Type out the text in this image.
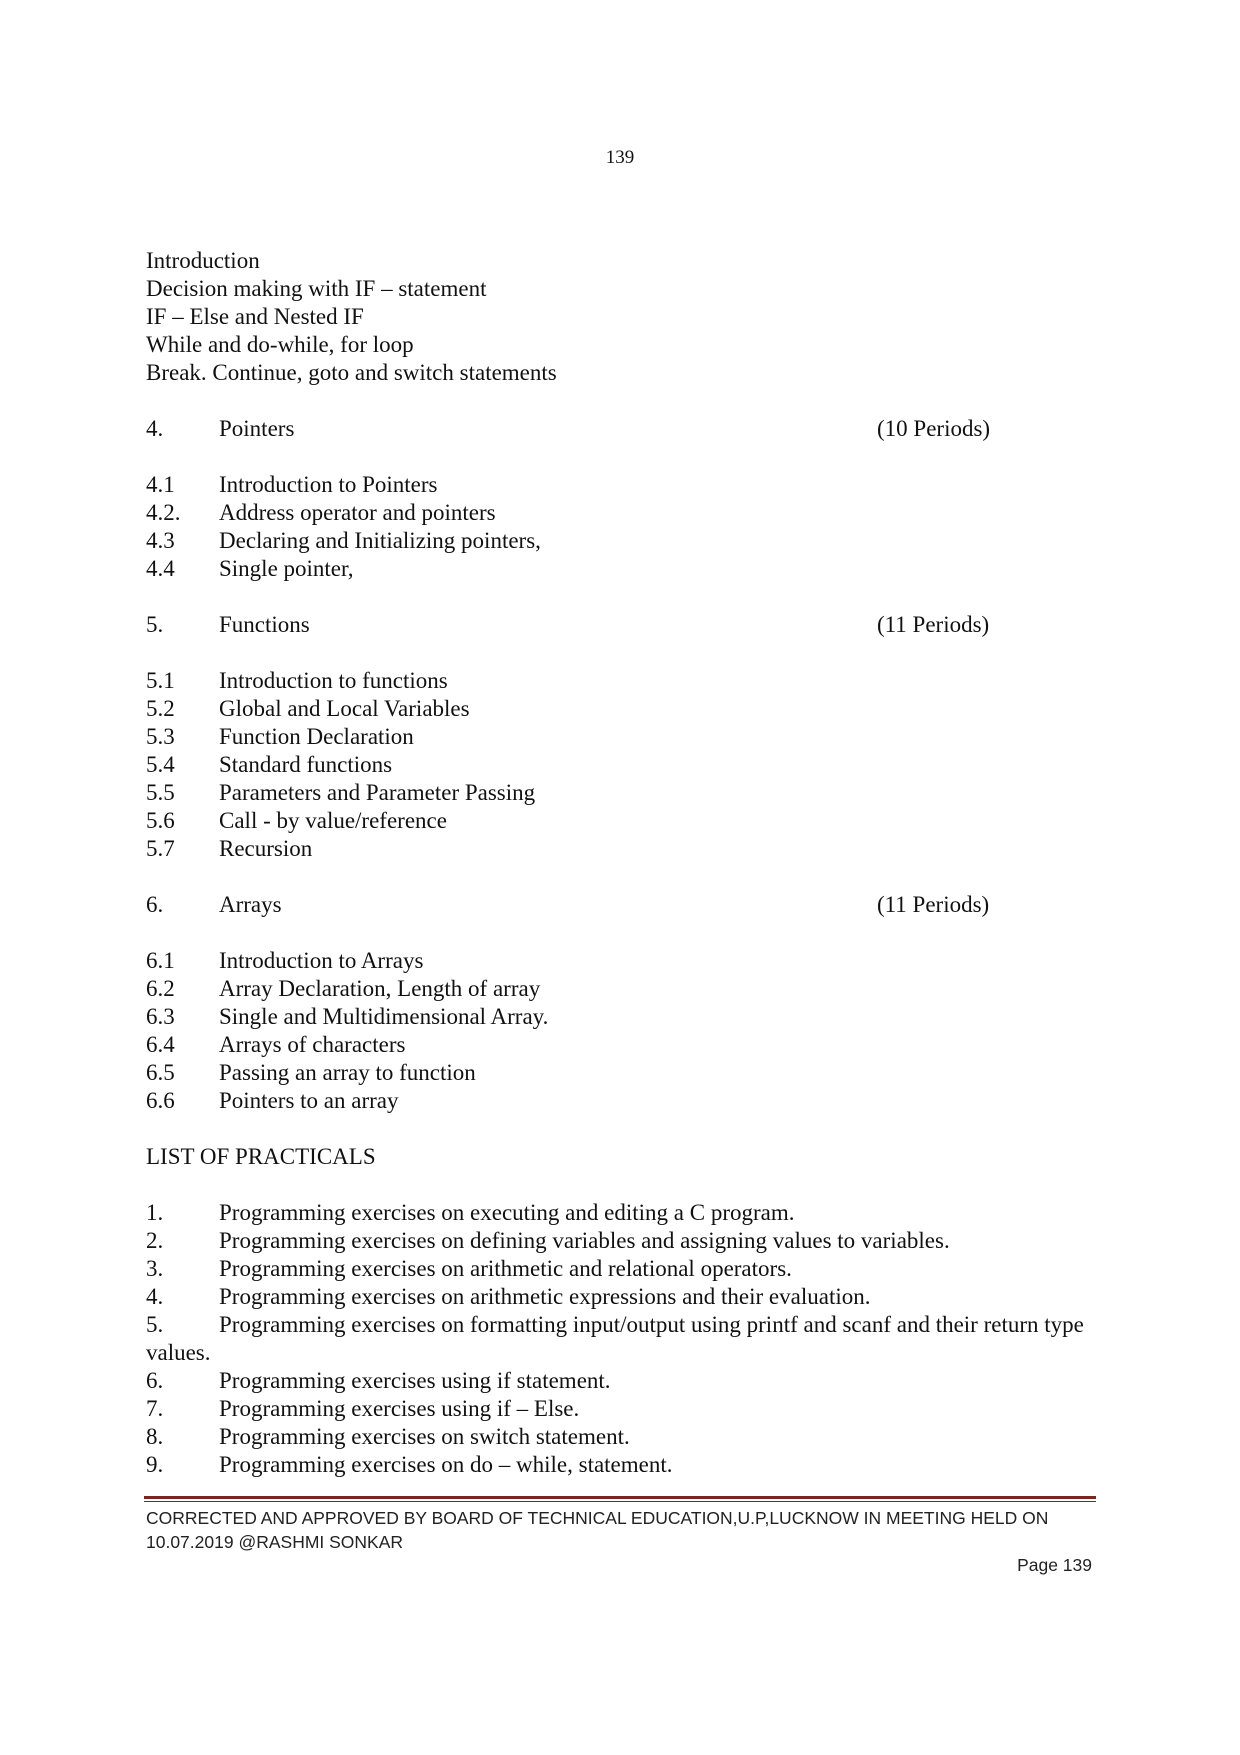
139
Introduction
Decision making with IF – statement
IF – Else and Nested IF
While and do-while, for loop
Break. Continue, goto and switch statements
4. Pointers	(10 Periods)
4.1 Introduction to Pointers
4.2. Address operator and pointers
4.3 Declaring and Initializing pointers,
4.4 Single pointer,
5. Functions	(11 Periods)
5.1 Introduction to functions
5.2 Global and Local Variables
5.3 Function Declaration
5.4 Standard functions
5.5 Parameters and Parameter Passing
5.6 Call - by value/reference
5.7 Recursion
6. Arrays	(11 Periods)
6.1 Introduction to Arrays
6.2 Array Declaration, Length of array
6.3 Single and Multidimensional Array.
6.4 Arrays of characters
6.5 Passing an array to function
6.6 Pointers to an array
LIST OF PRACTICALS
1. Programming exercises on executing and editing a C program.
2. Programming exercises on defining variables and assigning values to variables.
3. Programming exercises on arithmetic and relational operators.
4. Programming exercises on arithmetic expressions and their evaluation.
5. Programming exercises on formatting input/output using printf and scanf and their return type values.
6. Programming exercises using if statement.
7. Programming exercises using if – Else.
8. Programming exercises on switch statement.
9. Programming exercises on do – while, statement.
CORRECTED AND APPROVED BY BOARD OF TECHNICAL EDUCATION,U.P,LUCKNOW IN MEETING HELD ON 10.07.2019 @RASHMI SONKAR
Page 139
